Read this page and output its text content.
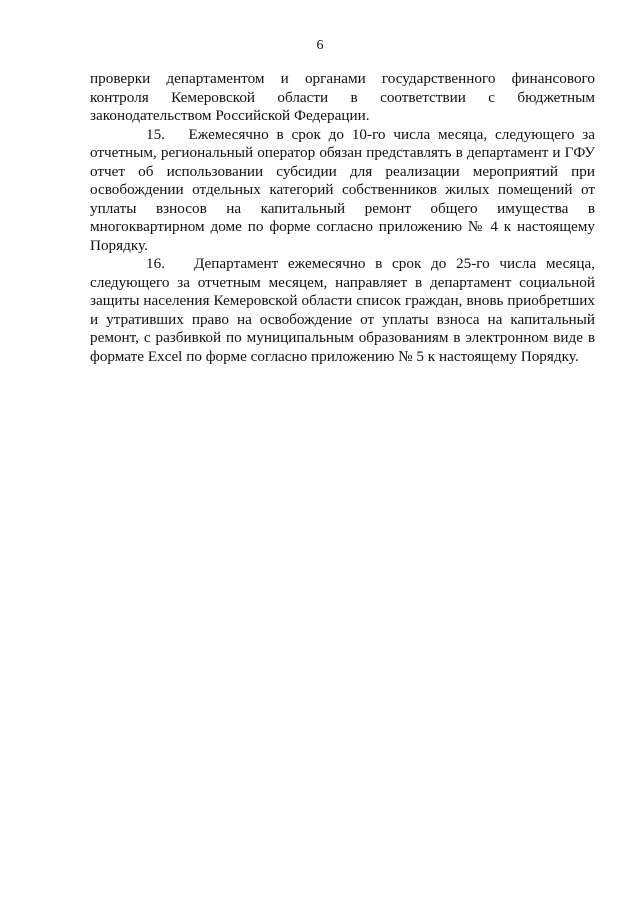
6

проверки департаментом и органами государственного финансового контроля Кемеровской области в соответствии с бюджетным законодательством Российской Федерации.

15. Ежемесячно в срок до 10-го числа месяца, следующего за отчетным, региональный оператор обязан представлять в департамент и ГФУ отчет об использовании субсидии для реализации мероприятий при освобождении отдельных категорий собственников жилых помещений от уплаты взносов на капитальный ремонт общего имущества в многоквартирном доме по форме согласно приложению № 4 к настоящему Порядку.

16. Департамент ежемесячно в срок до 25-го числа месяца, следующего за отчетным месяцем, направляет в департамент социальной защиты населения Кемеровской области список граждан, вновь приобретших и утративших право на освобождение от уплаты взноса на капитальный ремонт, с разбивкой по муниципальным образованиям в электронном виде в формате Excel по форме согласно приложению № 5 к настоящему Порядку.
